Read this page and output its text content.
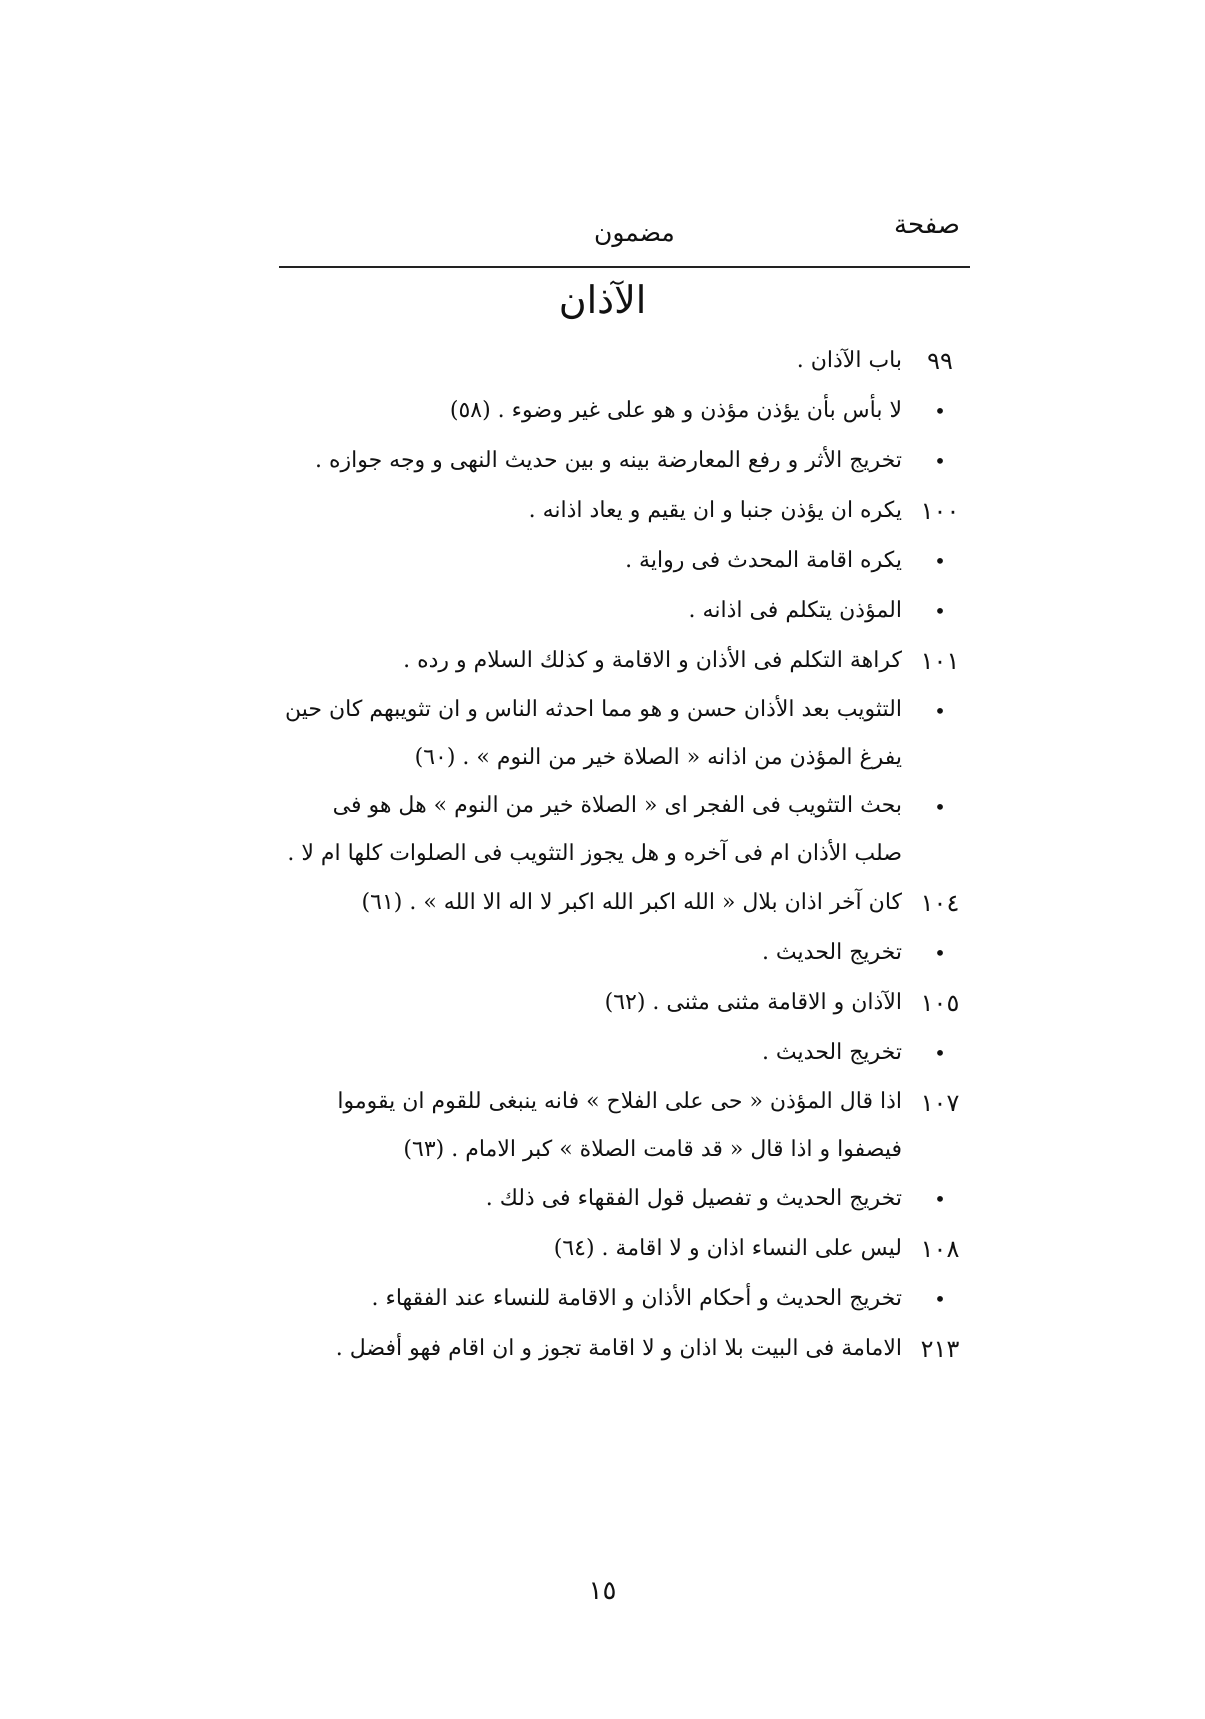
صفحة
مضمون
الآذان
٩٩
باب الآذان .
•
لا بأس بأن يؤذن مؤذن و هو على غير وضوء . (٥٨)
•
تخريج الأثر و رفع المعارضة بينه و بين حديث النهى و وجه جوازه .
١٠٠
يكره ان يؤذن جنبا و ان يقيم و يعاد اذانه .
•
يكره اقامة المحدث فى رواية .
•
المؤذن يتكلم فى اذانه .
١٠١
كراهة التكلم فى الأذان و الاقامة و كذلك السلام و رده .
•
التثويب بعد الأذان حسن و هو مما احدثه الناس و ان تثويبهم كان حين يفرغ المؤذن من اذانه « الصلاة خير من النوم » . (٦٠)
•
بحث التثويب فى الفجر اى « الصلاة خير من النوم » هل هو فى صلب الأذان ام فى آخره و هل يجوز التثويب فى الصلوات كلها ام لا .
١٠٤
كان آخر اذان بلال « الله اكبر الله اكبر لا اله الا الله » . (٦١)
•
تخريج الحديث .
١٠٥
الآذان و الاقامة مثنى مثنى . (٦٢)
•
تخريج الحديث .
١٠٧
اذا قال المؤذن « حى على الفلاح » فانه ينبغى للقوم ان يقوموا فيصفوا و اذا قال « قد قامت الصلاة » كبر الامام . (٦٣)
•
تخريج الحديث و تفصيل قول الفقهاء فى ذلك .
١٠٨
ليس على النساء اذان و لا اقامة . (٦٤)
•
تخريج الحديث و أحكام الأذان و الاقامة للنساء عند الفقهاء .
٢١٣
الامامة فى البيت بلا اذان و لا اقامة تجوز و ان اقام فهو أفضل .
١٥
